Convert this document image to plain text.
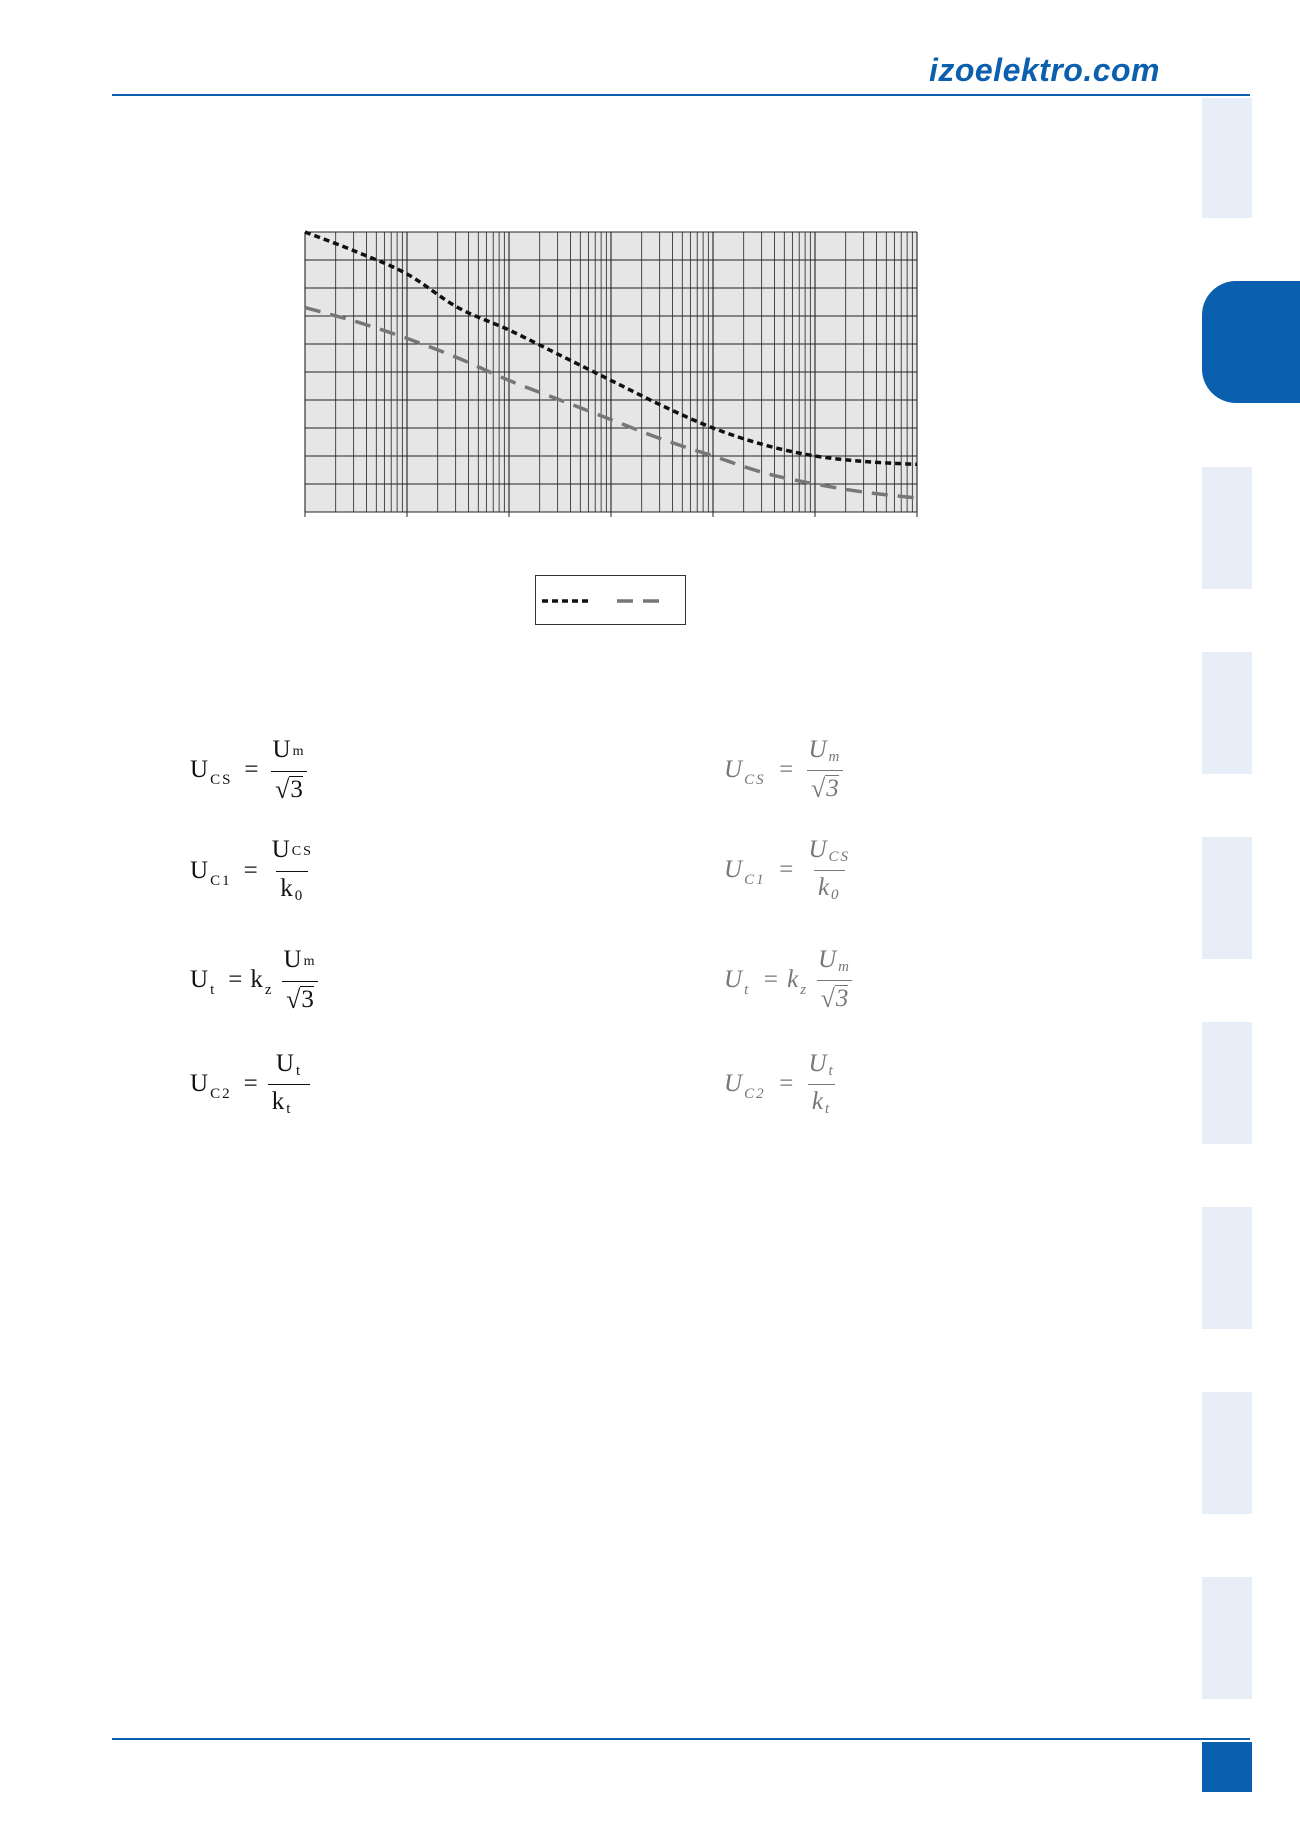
izoelektro.com
U CS = $\frac{\text{U m}}{√ 3}$
U $C1 = \frac{\text{U CS}}{k 0}$
U t = k z $\frac{\text{U m}}{√ 3}$
U $C2 = \frac{\text{U t}}{\text{k t}}$
U CS = $\frac{\text{U m}}{√ 3}$
U $C1 = \frac{\text{U CS}}{k 0}$
U t = k z $\frac{\text{U m}}{√ 3}$
U $C2 = \frac{\text{U t}}{\text{k t}}$
